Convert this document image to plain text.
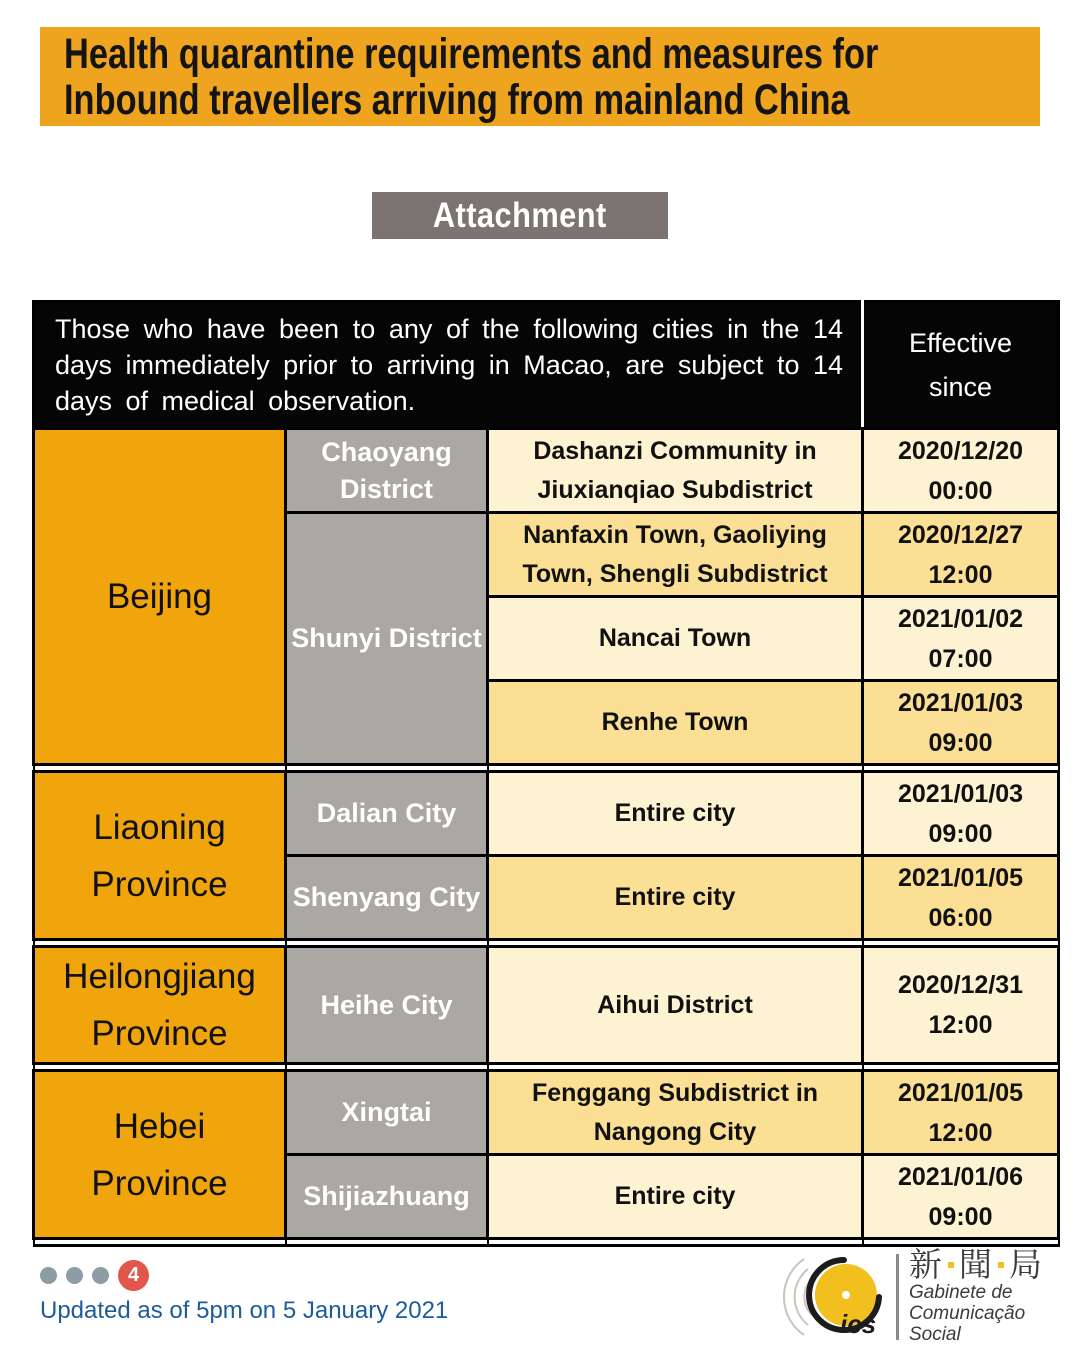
Health quarantine requirements and measures for
Inbound travellers arriving from mainland China
Attachment
Those who have been to any of the following cities in the 14 days immediately prior to arriving in Macao, are subject to 14 days of medical observation.			Effective
since

Beijing	Chaoyang District	Dashanzi Community in Jiuxianqiao Subdistrict	2020/12/20
00:00

	Shunyi District	Nanfaxin Town, Gaoliying Town, Shengli Subdistrict	2020/12/27
12:00

		Nancai Town	2021/01/02
07:00

		Renhe Town	2021/01/03
09:00

Liaoning Province	Dalian City	Entire city	2021/01/03
09:00

	Shenyang City	Entire city	2021/01/05
06:00

Heilongjiang Province	Heihe City	Aihui District	2020/12/31
12:00

Hebei Province	Xingtai	Fenggang Subdistrict in Nangong City	2021/01/05
12:00

	Shijiazhuang	Entire city	2021/01/06
09:00

4
Updated as of 5pm on 5 January 2021	ics
新 聞 局
Gabinete de
Comunicação Social
